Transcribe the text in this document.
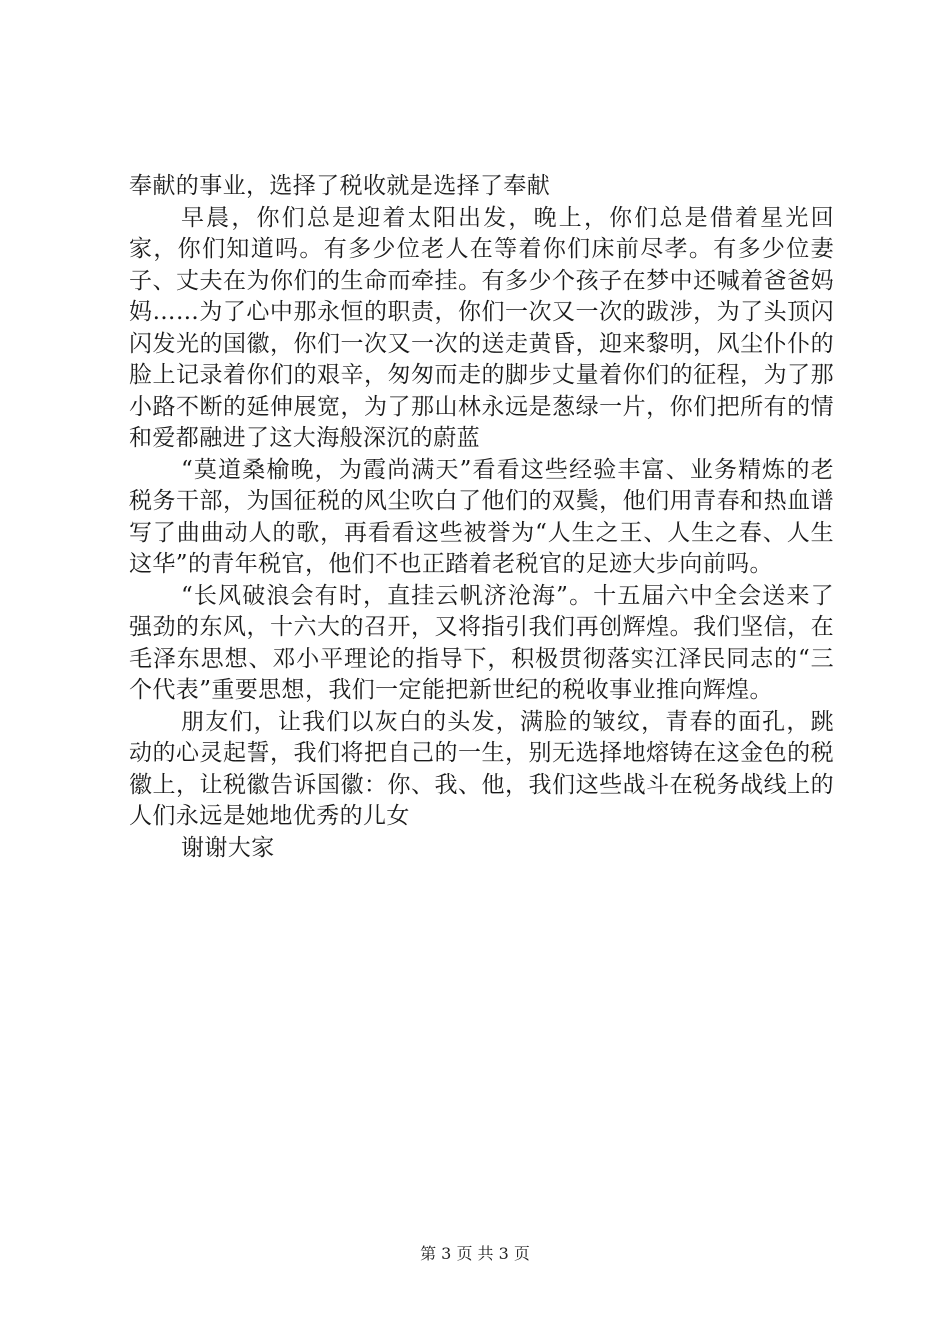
奉献的事业，选择了税收就是选择了奉献

早晨，你们总是迎着太阳出发，晚上，你们总是借着星光回家，你们知道吗。有多少位老人在等着你们床前尽孝。有多少位妻子、丈夫在为你们的生命而牵挂。有多少个孩子在梦中还喊着爸爸妈妈……为了心中那永恒的职责，你们一次又一次的跋涉，为了头顶闪闪发光的国徽，你们一次又一次的送走黄昏，迎来黎明，风尘仆仆的脸上记录着你们的艰辛，匆匆而走的脚步丈量着你们的征程，为了那小路不断的延伸展宽，为了那山林永远是葱绿一片，你们把所有的情和爱都融进了这大海般深沉的蔚蓝

“莫道桑榆晚，为霞尚满天”看看这些经验丰富、业务精炼的老税务干部，为国征税的风尘吹白了他们的双鬓，他们用青春和热血谱写了曲曲动人的歌，再看看这些被誉为“人生之王、人生之春、人生这华”的青年税官，他们不也正踏着老税官的足迹大步向前吗。

“长风破浪会有时，直挂云帆济沧海”。十五届六中全会送来了强劲的东风，十六大的召开，又将指引我们再创辉煌。我们坚信，在毛泽东思想、邓小平理论的指导下，积极贯彻落实江泽民同志的“三个代表”重要思想，我们一定能把新世纪的税收事业推向辉煌。

朋友们，让我们以灰白的头发，满脸的皱纹，青春的面孔，跳动的心灵起誓，我们将把自己的一生，别无选择地熔铸在这金色的税徽上，让税徽告诉国徽：你、我、他，我们这些战斗在税务战线上的人们永远是她地优秀的儿女

谢谢大家

第 3 页 共 3 页
